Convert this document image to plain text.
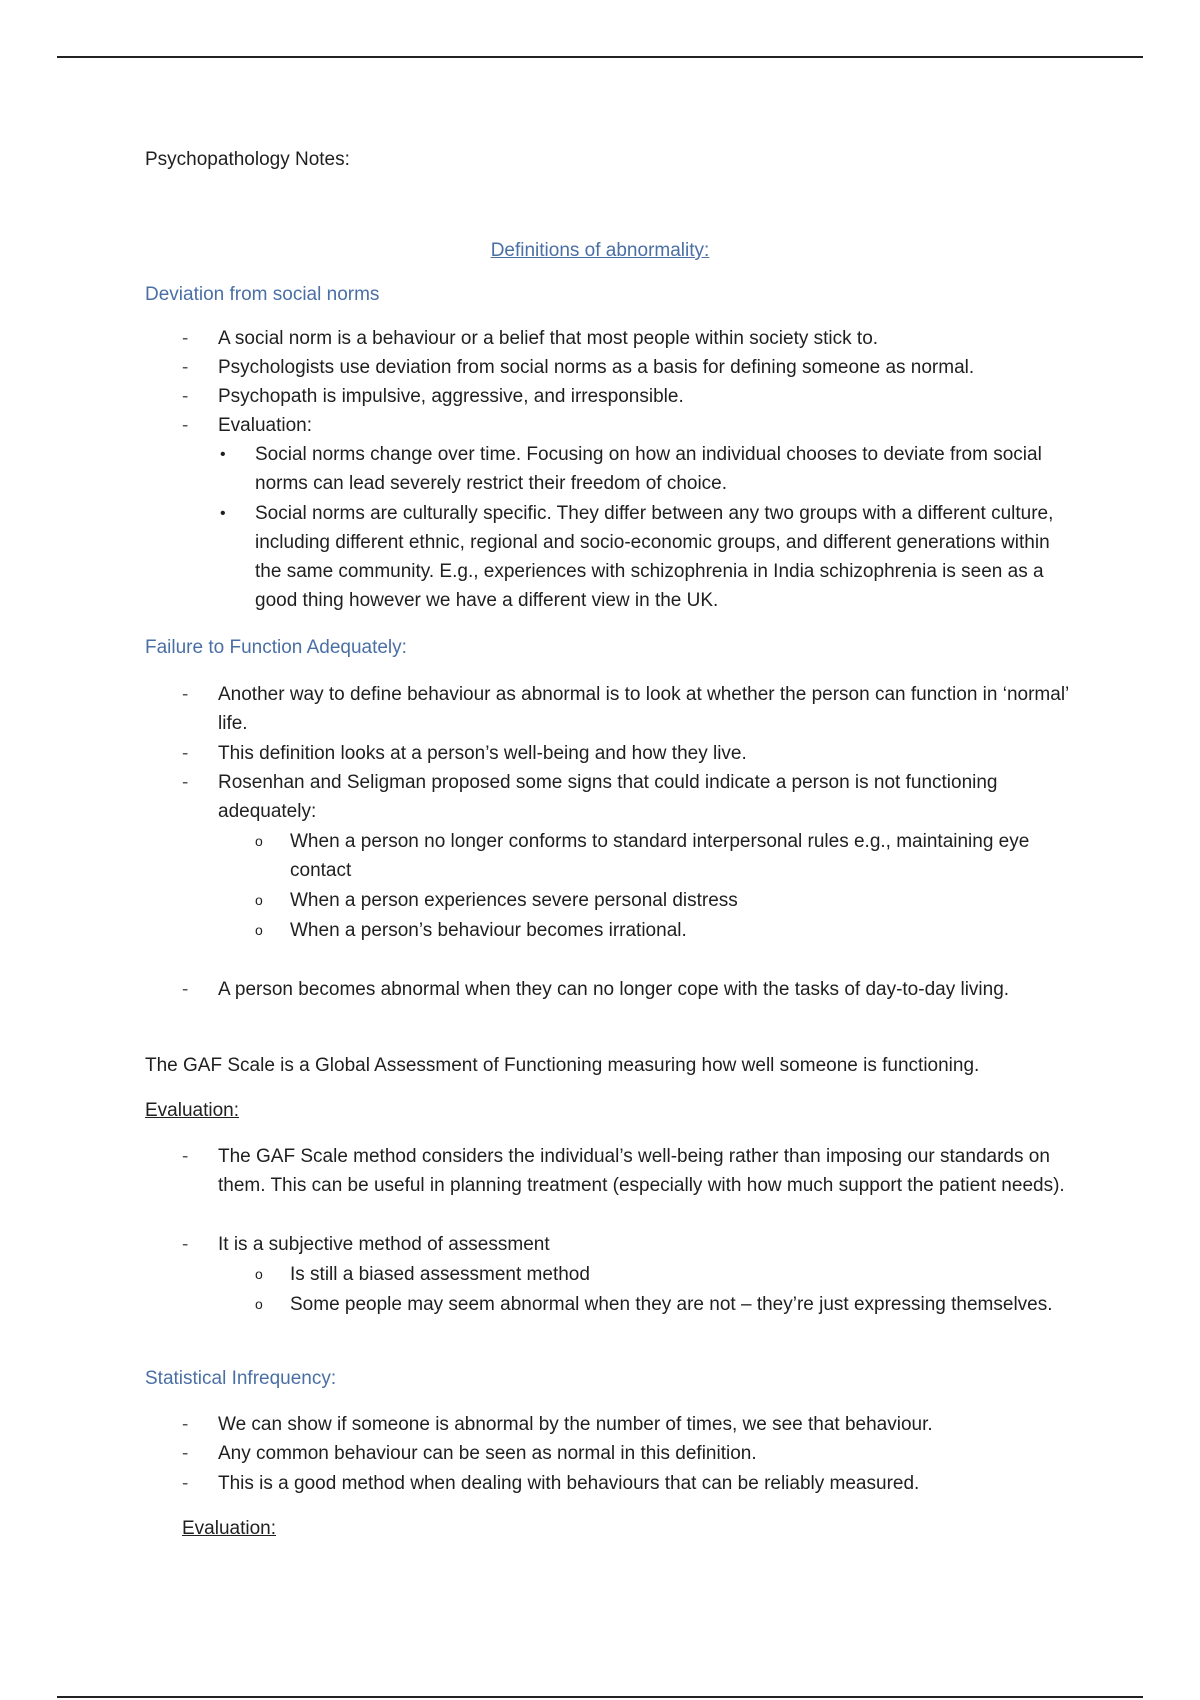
Psychopathology Notes:
Definitions of abnormality:
Deviation from social norms
-	A social norm is a behaviour or a belief that most people within society stick to.
-	Psychologists use deviation from social norms as a basis for defining someone as normal.
-	Psychopath is impulsive, aggressive, and irresponsible.
-	Evaluation:
•	Social norms change over time. Focusing on how an individual chooses to deviate from social norms can lead severely restrict their freedom of choice.
•	Social norms are culturally specific. They differ between any two groups with a different culture, including different ethnic, regional and socio-economic groups, and different generations within the same community. E.g., experiences with schizophrenia in India schizophrenia is seen as a good thing however we have a different view in the UK.
Failure to Function Adequately:
-	Another way to define behaviour as abnormal is to look at whether the person can function in ‘normal’ life.
-	This definition looks at a person’s well-being and how they live.
-	Rosenhan and Seligman proposed some signs that could indicate a person is not functioning adequately:
o When a person no longer conforms to standard interpersonal rules e.g., maintaining eye contact
o When a person experiences severe personal distress
o When a person’s behaviour becomes irrational.
-	A person becomes abnormal when they can no longer cope with the tasks of day-to-day living.
The GAF Scale is a Global Assessment of Functioning measuring how well someone is functioning.
Evaluation:
-	The GAF Scale method considers the individual’s well-being rather than imposing our standards on them. This can be useful in planning treatment (especially with how much support the patient needs).
-	It is a subjective method of assessment
o Is still a biased assessment method
o Some people may seem abnormal when they are not – they’re just expressing themselves.
Statistical Infrequency:
-	We can show if someone is abnormal by the number of times, we see that behaviour.
-	Any common behaviour can be seen as normal in this definition.
-	This is a good method when dealing with behaviours that can be reliably measured.
Evaluation:
